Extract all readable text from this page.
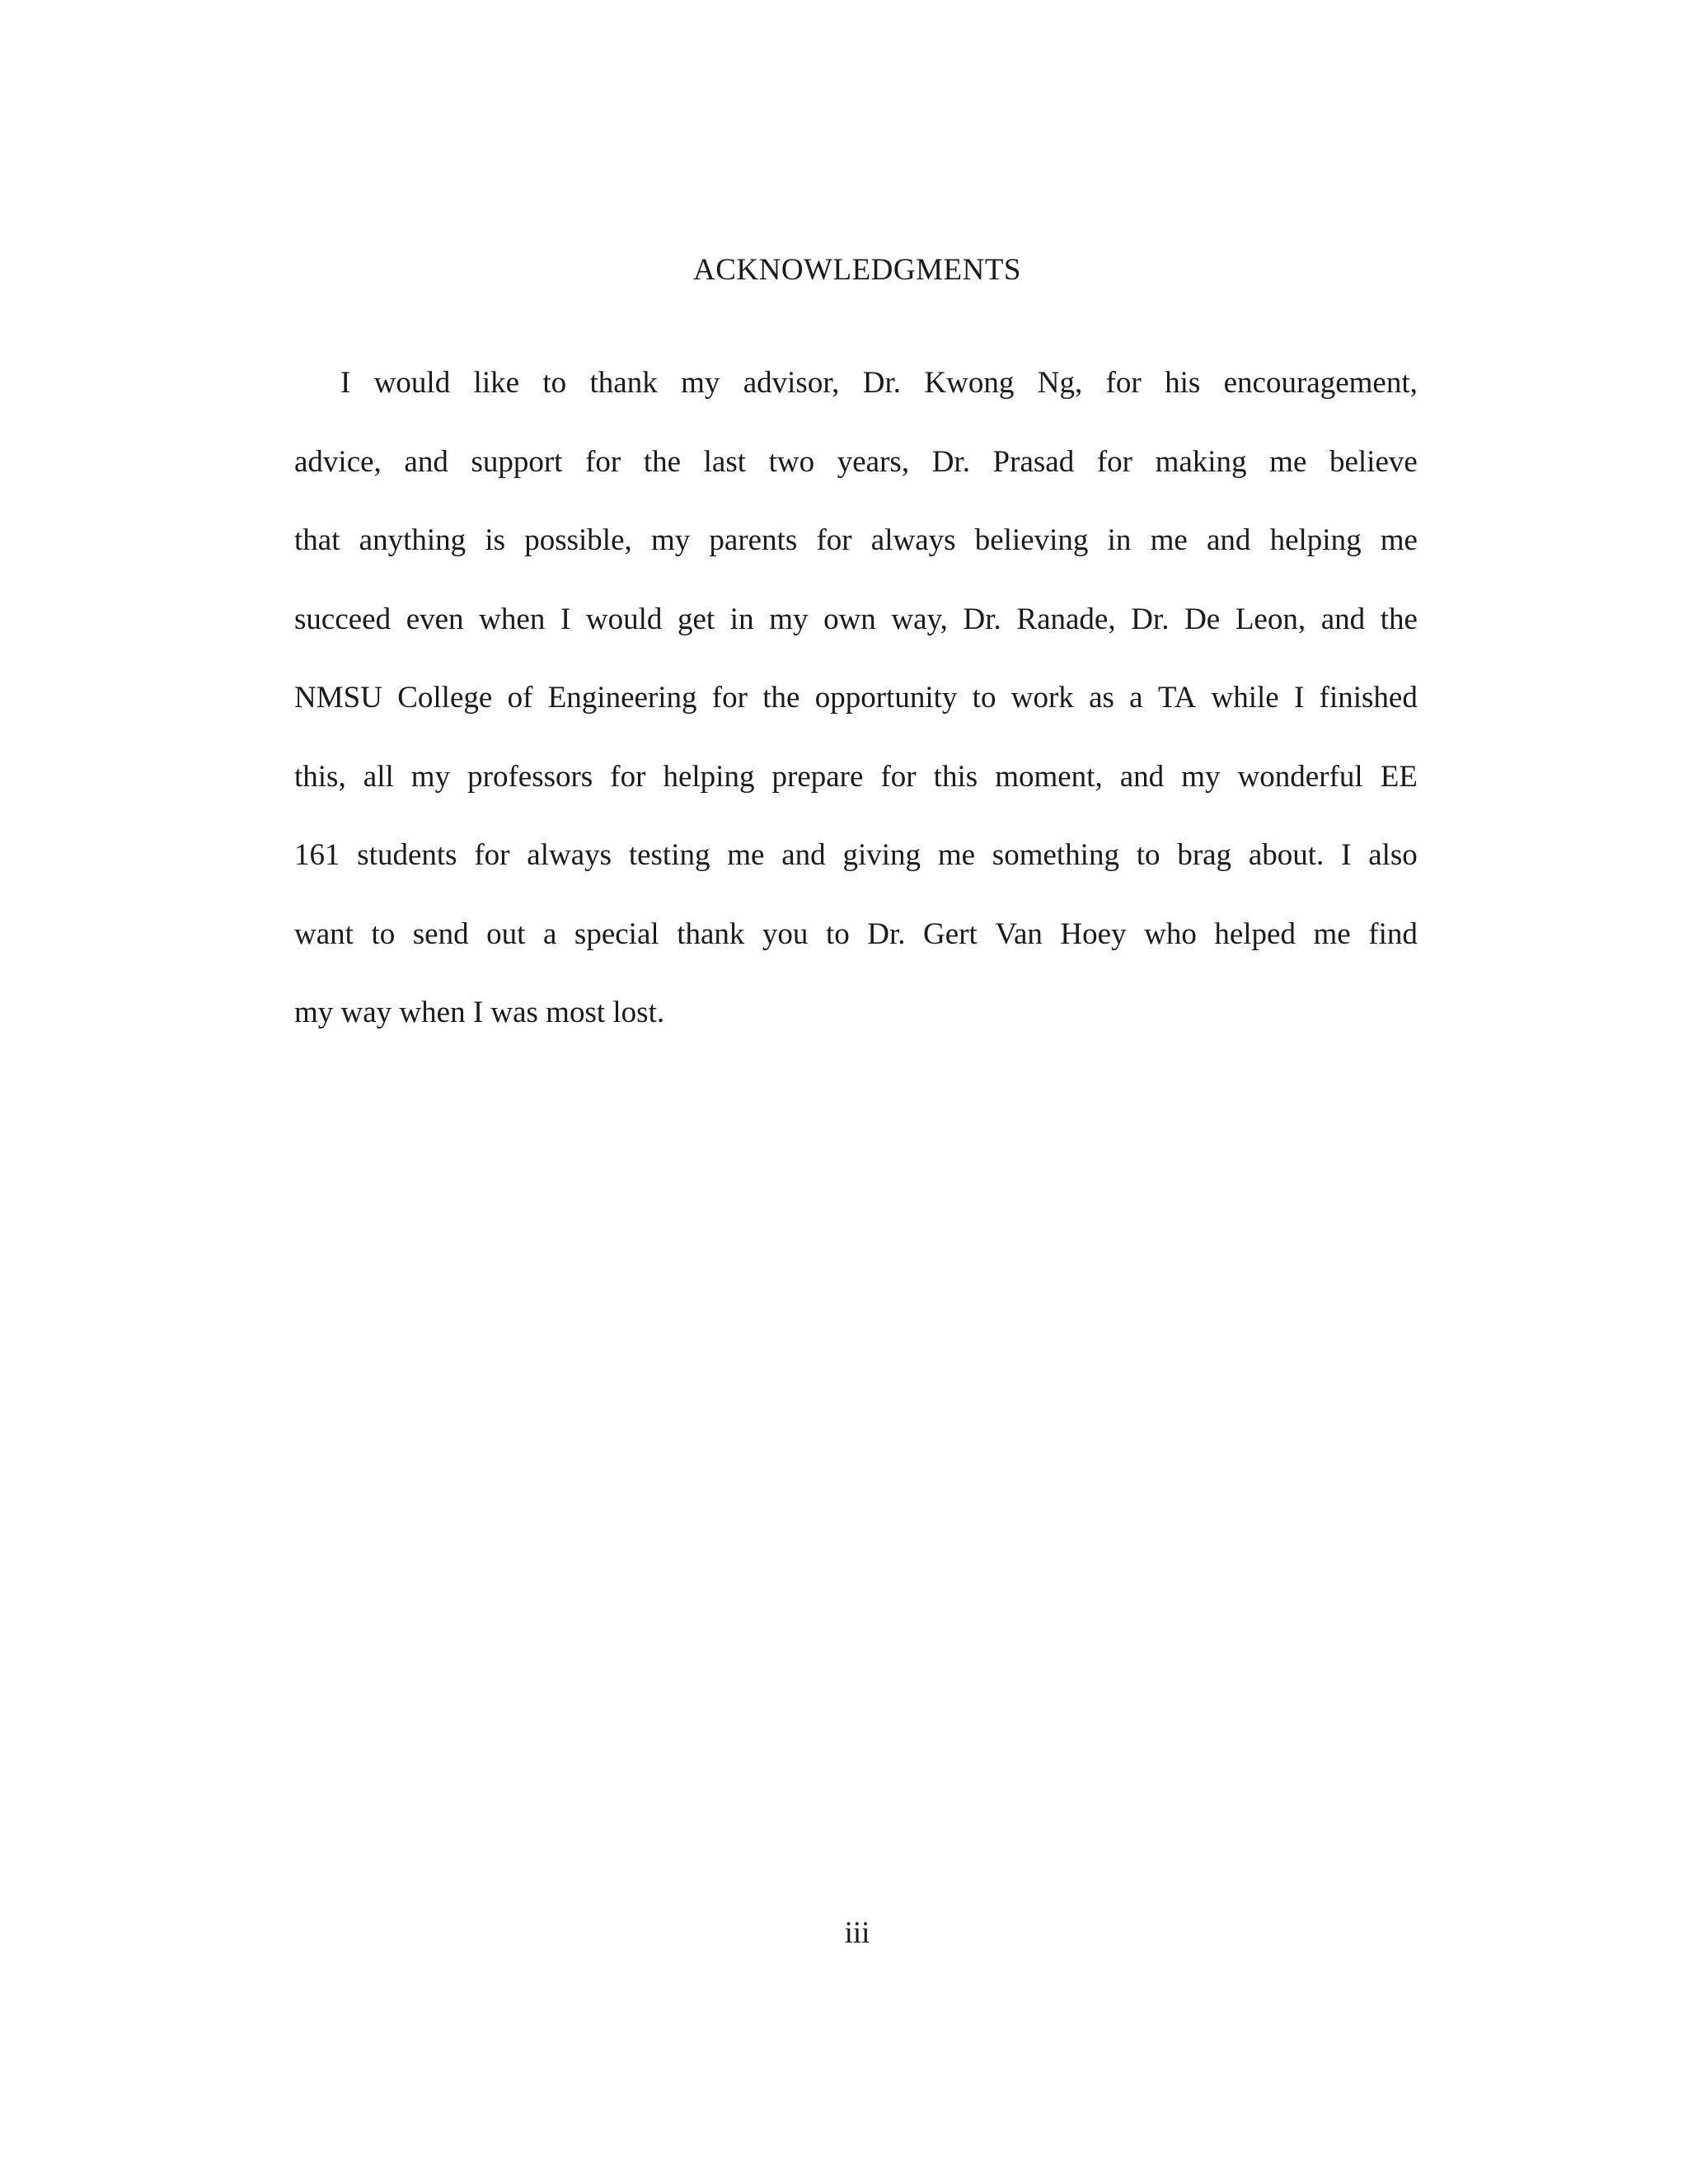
ACKNOWLEDGMENTS
I would like to thank my advisor, Dr. Kwong Ng, for his encouragement,
advice, and support for the last two years, Dr. Prasad for making me believe
that anything is possible, my parents for always believing in me and helping me
succeed even when I would get in my own way, Dr. Ranade, Dr. De Leon, and the
NMSU College of Engineering for the opportunity to work as a TA while I finished
this, all my professors for helping prepare for this moment, and my wonderful EE
161 students for always testing me and giving me something to brag about. I also
want to send out a special thank you to Dr. Gert Van Hoey who helped me find
my way when I was most lost.
iii
